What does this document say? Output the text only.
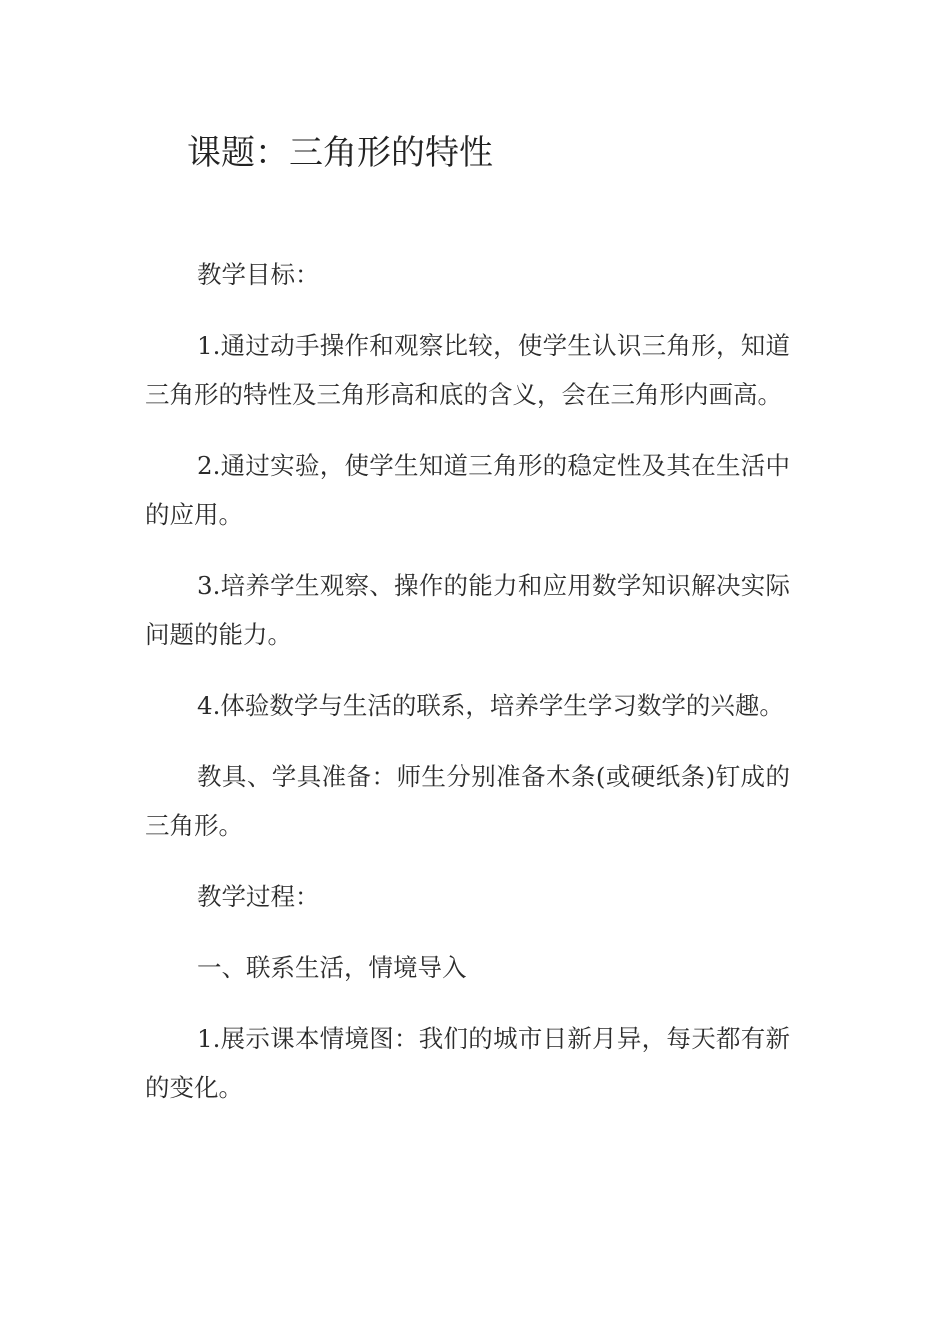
课题：三角形的特性

教学目标：

1.通过动手操作和观察比较，使学生认识三角形，知道三角形的特性及三角形高和底的含义，会在三角形内画高。

2.通过实验，使学生知道三角形的稳定性及其在生活中的应用。

3.培养学生观察、操作的能力和应用数学知识解决实际问题的能力。

4.体验数学与生活的联系，培养学生学习数学的兴趣。

教具、学具准备：师生分别准备木条(或硬纸条)钉成的三角形。

教学过程：

一、联系生活，情境导入

1.展示课本情境图：我们的城市日新月异，每天都有新的变化。
